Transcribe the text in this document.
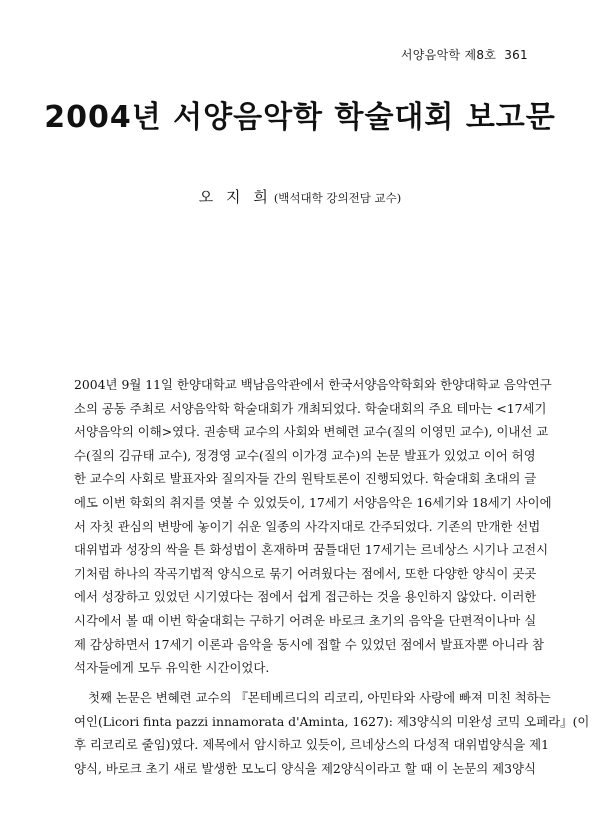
서양음악학 제8호 361
2004년 서양음악학 학술대회 보고문
오 지 희 (백석대학 강의전담 교수)
2004년 9월 11일 한양대학교 백남음악관에서 한국서양음악학회와 한양대학교 음악연구
소의 공동 주최로 서양음악학 학술대회가 개최되었다. 학술대회의 주요 테마는 <17세기
서양음악의 이해>였다. 권송택 교수의 사회와 변혜련 교수(질의 이영민 교수), 이내선 교
수(질의 김규태 교수), 정경영 교수(질의 이가경 교수)의 논문 발표가 있었고 이어 허영
한 교수의 사회로 발표자와 질의자들 간의 원탁토론이 진행되었다. 학술대회 초대의 글
에도 이번 학회의 취지를 엿볼 수 있었듯이, 17세기 서양음악은 16세기와 18세기 사이에
서 자칫 관심의 변방에 놓이기 쉬운 일종의 사각지대로 간주되었다. 기존의 만개한 선법
대위법과 성장의 싹을 튼 화성법이 혼재하며 꿈틀대던 17세기는 르네상스 시기나 고전시
기처럼 하나의 작곡기법적 양식으로 묶기 어려웠다는 점에서, 또한 다양한 양식이 곳곳
에서 성장하고 있었던 시기였다는 점에서 쉽게 접근하는 것을 용인하지 않았다. 이러한
시각에서 볼 때 이번 학술대회는 구하기 어려운 바로크 초기의 음악을 단편적이나마 실
제 감상하면서 17세기 이론과 음악을 동시에 접할 수 있었던 점에서 발표자뿐 아니라 참
석자들에게 모두 유익한 시간이었다.
첫째 논문은 변혜련 교수의 『몬테베르디의 리코리, 아민타와 사랑에 빠져 미친 척하는
여인(Licori finta pazzi innamorata d'Aminta, 1627): 제3양식의 미완성 코믹 오페라』(이
후 리코리로 줄임)였다. 제목에서 암시하고 있듯이, 르네상스의 다성적 대위법양식을 제1
양식, 바로크 초기 새로 발생한 모노디 양식을 제2양식이라고 할 때 이 논문의 제3양식
